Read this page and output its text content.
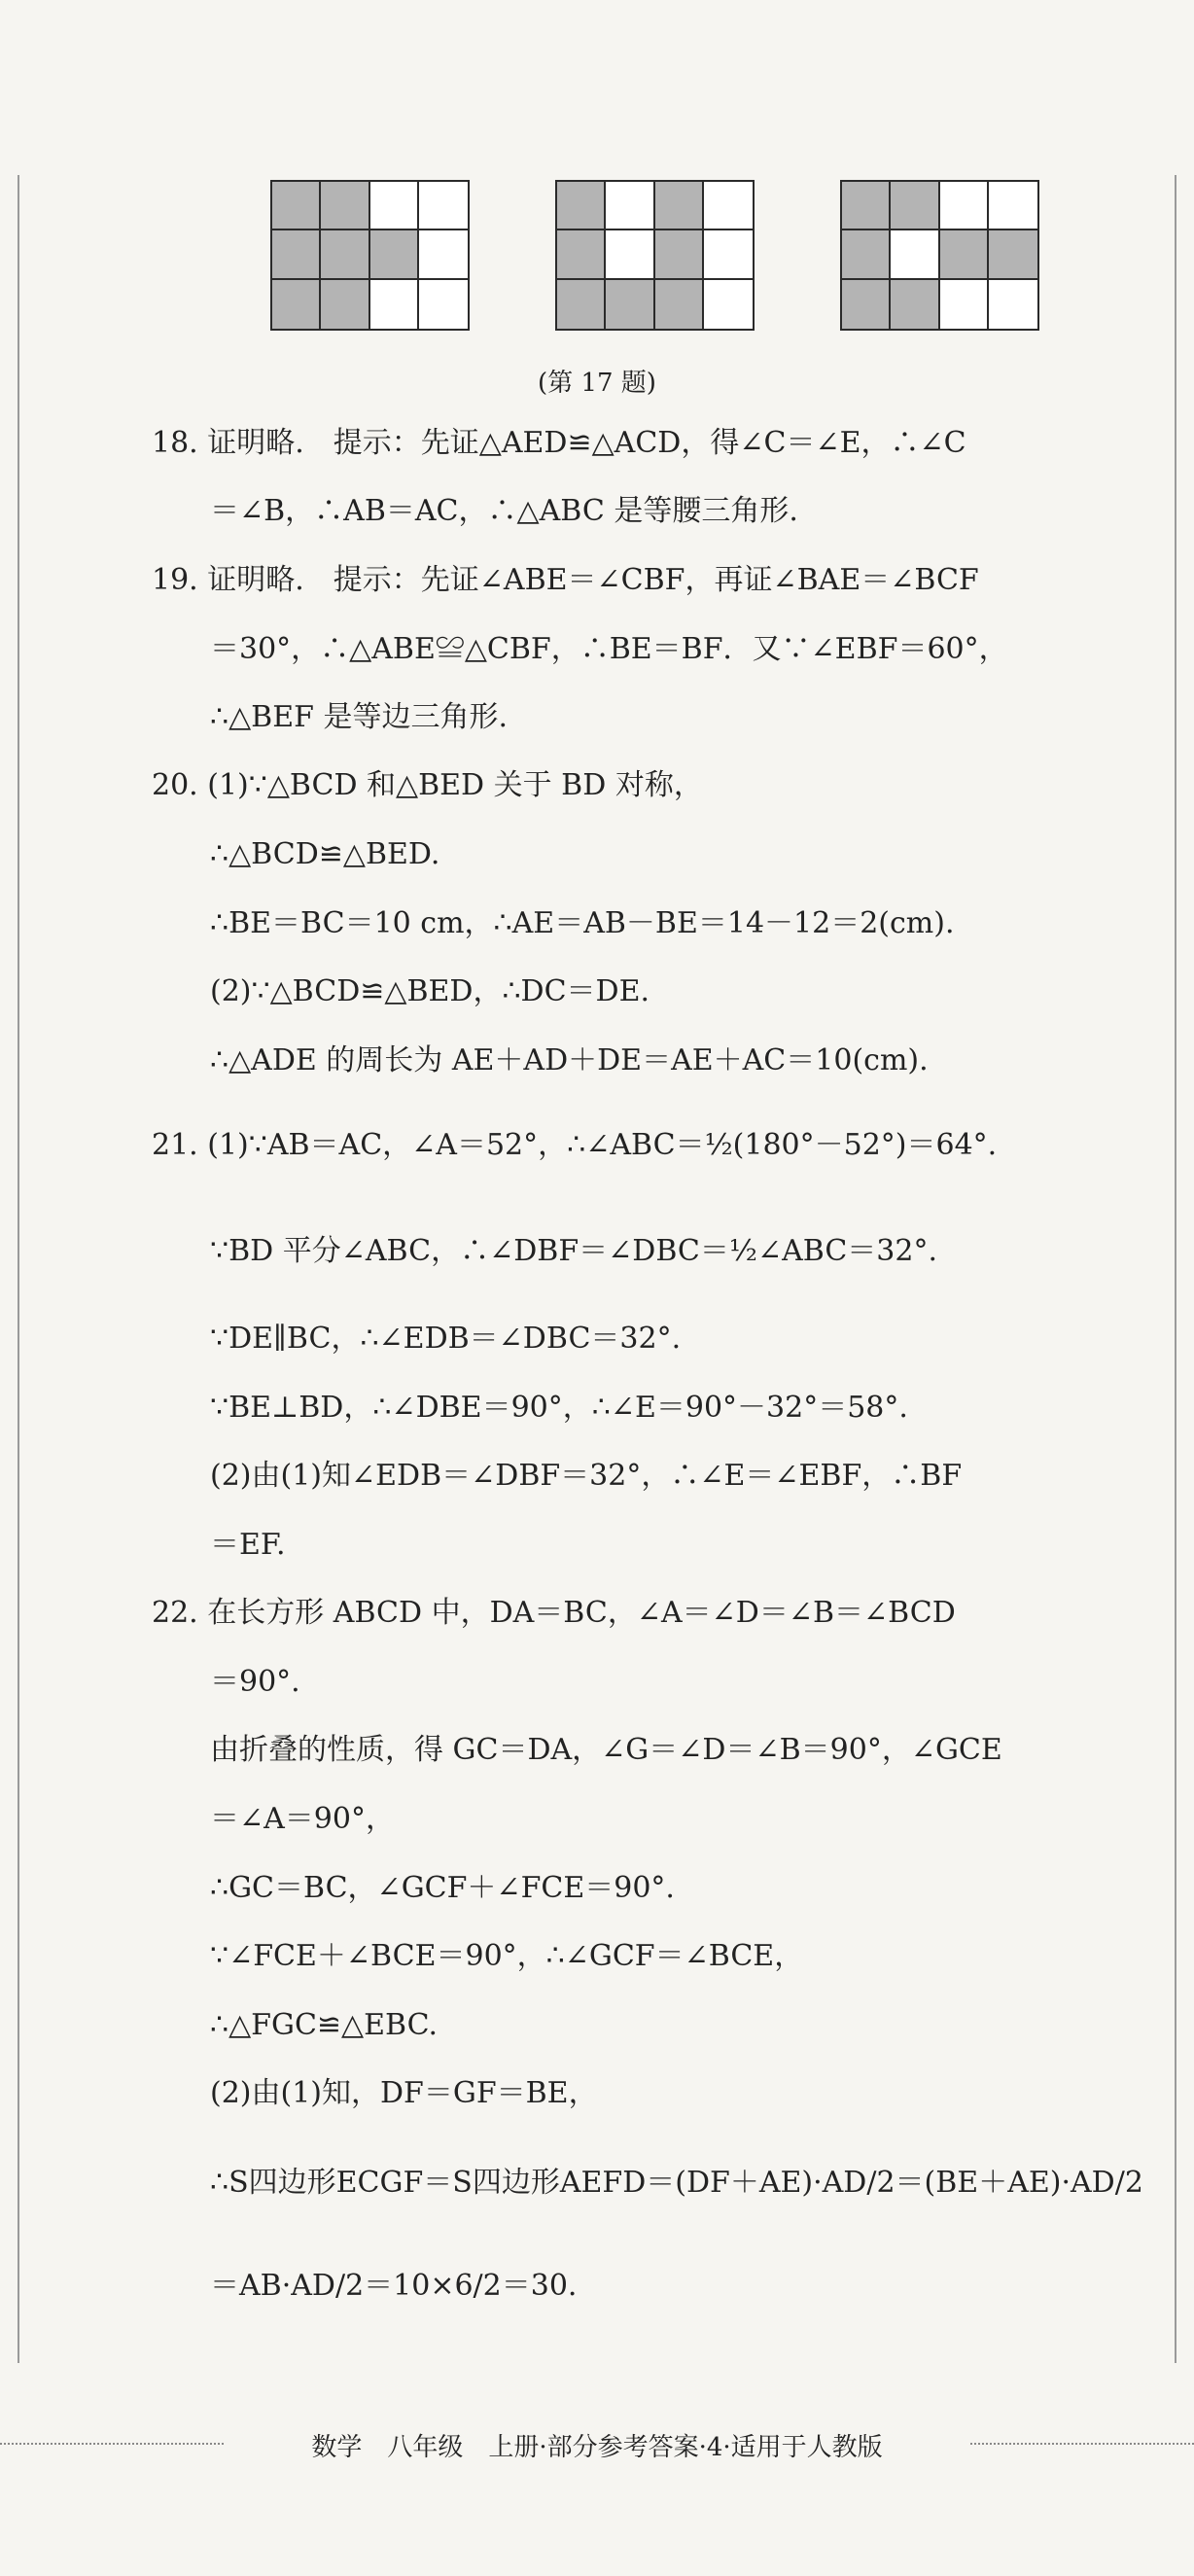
(第 17 题)
18. 证明略.　提示：先证△AED≌△ACD，得∠C＝∠E，∴∠C
＝∠B，∴AB＝AC，∴△ABC 是等腰三角形.
19. 证明略.　提示：先证∠ABE＝∠CBF，再证∠BAE＝∠BCF
＝30°，∴△ABE≌△CBF，∴BE＝BF．又∵∠EBF＝60°，
∴△BEF 是等边三角形.
20. (1)∵△BCD 和△BED 关于 BD 对称，
∴△BCD≌△BED.
∴BE＝BC＝10 cm，∴AE＝AB－BE＝14－12＝2(cm).
(2)∵△BCD≌△BED，∴DC＝DE.
∴△ADE 的周长为 AE＋AD＋DE＝AE＋AC＝10(cm).
21. (1)∵AB＝AC，∠A＝52°，∴∠ABC＝½(180°－52°)＝64°.
∵BD 平分∠ABC，∴∠DBF＝∠DBC＝½∠ABC＝32°.
∵DE∥BC，∴∠EDB＝∠DBC＝32°.
∵BE⊥BD，∴∠DBE＝90°，∴∠E＝90°－32°＝58°.
(2)由(1)知∠EDB＝∠DBF＝32°，∴∠E＝∠EBF，∴BF
＝EF.
22. 在长方形 ABCD 中，DA＝BC，∠A＝∠D＝∠B＝∠BCD
＝90°.
由折叠的性质，得 GC＝DA，∠G＝∠D＝∠B＝90°，∠GCE
＝∠A＝90°，
∴GC＝BC，∠GCF＋∠FCE＝90°.
∵∠FCE＋∠BCE＝90°，∴∠GCF＝∠BCE，
∴△FGC≌△EBC.
(2)由(1)知，DF＝GF＝BE，
∴S四边形ECGF＝S四边形AEFD＝(DF＋AE)·AD/2＝(BE＋AE)·AD/2
＝AB·AD/2＝10×6/2＝30.
数学　八年级　上册·部分参考答案·4·适用于人教版
